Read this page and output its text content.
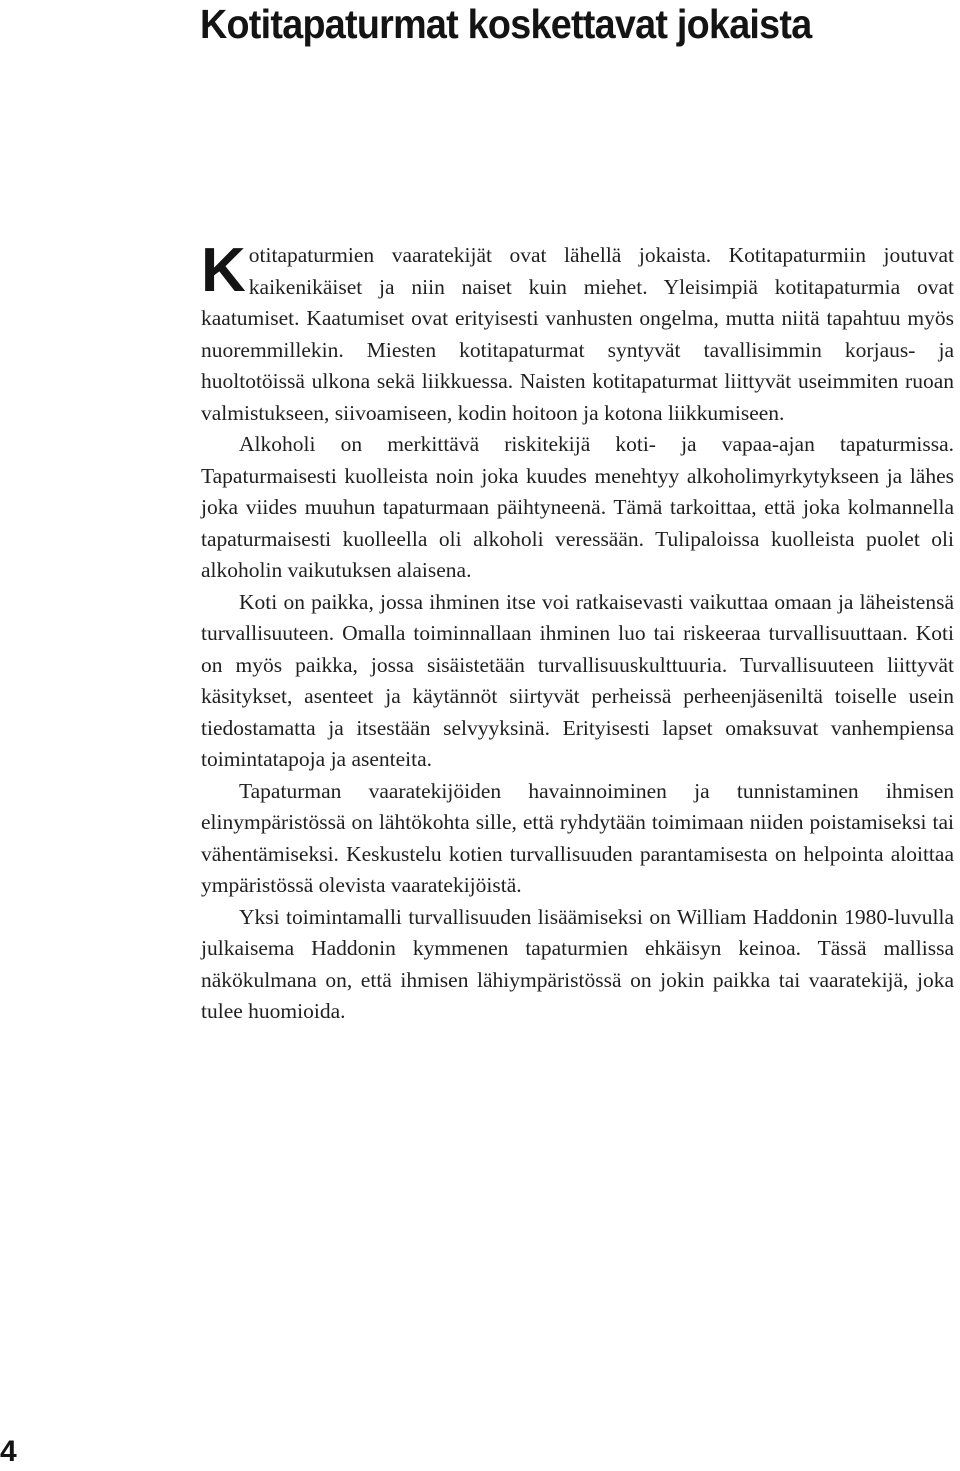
Kotitapaturmat koskettavat jokaista

Kotitapaturmien vaaratekijät ovat lähellä jokaista. Kotitapaturmiin joutuvat kaikenikäiset ja niin naiset kuin miehet. Yleisimpiä kotitapaturmia ovat kaatumiset. Kaatumiset ovat erityisesti vanhusten ongelma, mutta niitä tapahtuu myös nuoremmillekin. Miesten kotitapaturmat syntyvät tavallisimmin korjaus- ja huoltotöissä ulkona sekä liikkuessa. Naisten kotitapaturmat liittyvät useimmiten ruoan valmistukseen, siivoamiseen, kodin hoitoon ja kotona liikkumiseen.

Alkoholi on merkittävä riskitekijä koti- ja vapaa-ajan tapaturmissa. Tapaturmaisesti kuolleista noin joka kuudes menehtyy alkoholimyrkytykseen ja lähes joka viides muuhun tapaturmaan päihtyneenä. Tämä tarkoittaa, että joka kolmannella tapaturmaisesti kuolleella oli alkoholi veressään. Tulipaloissa kuolleista puolet oli alkoholin vaikutuksen alaisena.

Koti on paikka, jossa ihminen itse voi ratkaisevasti vaikuttaa omaan ja läheistensä turvallisuuteen. Omalla toiminnallaan ihminen luo tai riskeeraa turvallisuuttaan. Koti on myös paikka, jossa sisäistetään turvallisuuskulttuuria. Turvallisuuteen liittyvät käsitykset, asenteet ja käytännöt siirtyvät perheissä perheenjäseniltä toiselle usein tiedostamatta ja itsestään selvyyksinä. Erityisesti lapset omaksuvat vanhempiensa toimintatapoja ja asenteita.

Tapaturman vaaratekijöiden havainnoiminen ja tunnistaminen ihmisen elinympäristössä on lähtökohta sille, että ryhdytään toimimaan niiden poistamiseksi tai vähentämiseksi. Keskustelu kotien turvallisuuden parantamisesta on helpointa aloittaa ympäristössä olevista vaaratekijöistä.

Yksi toimintamalli turvallisuuden lisäämiseksi on William Haddonin 1980-luvulla julkaisema Haddonin kymmenen tapaturmien ehkäisyn keinoa. Tässä mallissa näkökulmana on, että ihmisen lähiympäristössä on jokin paikka tai vaaratekijä, joka tulee huomioida.

4
